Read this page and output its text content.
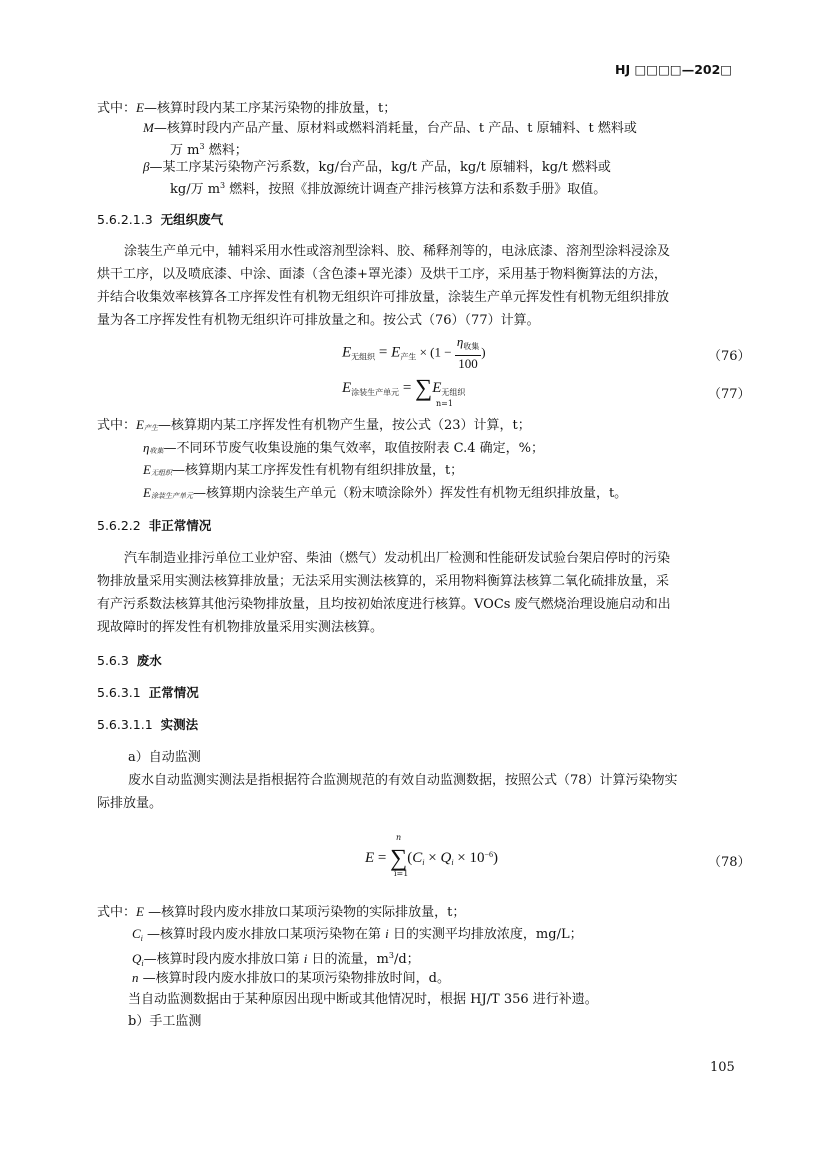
HJ □□□□—202□
式中：E—核算时段内某工序某污染物的排放量，t；
M—核算时段内产品产量、原材料或燃料消耗量，台产品、t 产品、t 原辅料、t 燃料或
万 $m^3$ 燃料；
β—某工序某污染物产污系数，kg/台产品，kg/t 产品，kg/t 原辅料，kg/t 燃料或
kg/万 $m^3$ 燃料，按照《排放源统计调查产排污核算方法和系数手册》取值。
5.6.2.1.3 无组织废气
涂装生产单元中，辅料采用水性或溶剂型涂料、胶、稀释剂等的，电泳底漆、溶剂型涂料浸涂及
烘干工序，以及喷底漆、中涂、面漆（含色漆+罩光漆）及烘干工序，采用基于物料衡算法的方法，
并结合收集效率核算各工序挥发性有机物无组织许可排放量，涂装生产单元挥发性有机物无组织排放
量为各工序挥发性有机物无组织许可排放量之和。按公式（76）（77）计算。
$E_{无组织} = E_{产生} \times (1 - \frac{\eta_{收集}}{100}$ )	（76）
$E_{涂装生产单元} = \sum E_{无组织}$
n=1
（77）
式中：E产生—核算期内某工序挥发性有机物产生量，按公式（23）计算，t；
η收集—不同环节废气收集设施的集气效率，取值按附表 C.4 确定，%；
E无组织—核算期内某工序挥发性有机物有组织排放量，t；
E涂装生产单元—核算期内涂装生产单元（粉末喷涂除外）挥发性有机物无组织排放量，t。
5.6.2.2 非正常情况
汽车制造业排污单位工业炉窑、柴油（燃气）发动机出厂检测和性能研发试验台架启停时的污染
物排放量采用实测法核算排放量；无法采用实测法核算的，采用物料衡算法核算二氧化硫排放量，采
有产污系数法核算其他污染物排放量，且均按初始浓度进行核算。VOCs 废气燃烧治理设施启动和出
现故障时的挥发性有机物排放量采用实测法核算。
5.6.3 废水
5.6.3.1 正常情况
5.6.3.1.1 实测法
a）自动监测
废水自动监测实测法是指根据符合监测规范的有效自动监测数据，按照公式（78）计算污染物实
际排放量。
n
$E = \sum(C_i \times Q_i \times 10^{-6})$
i=1
（78）
式中：E —核算时段内废水排放口某项污染物的实际排放量，t；
$C_i$ —核算时段内废水排放口某项污染物在第 i 日的实测平均排放浓度，mg/L；
$Q_i—$核算时段内废水排放口第 i 日的流量，$m^3/d$；
n —核算时段内废水排放口的某项污染物排放时间，d。
当自动监测数据由于某种原因出现中断或其他情况时，根据 HJ/T 356 进行补遗。
b）手工监测
105
